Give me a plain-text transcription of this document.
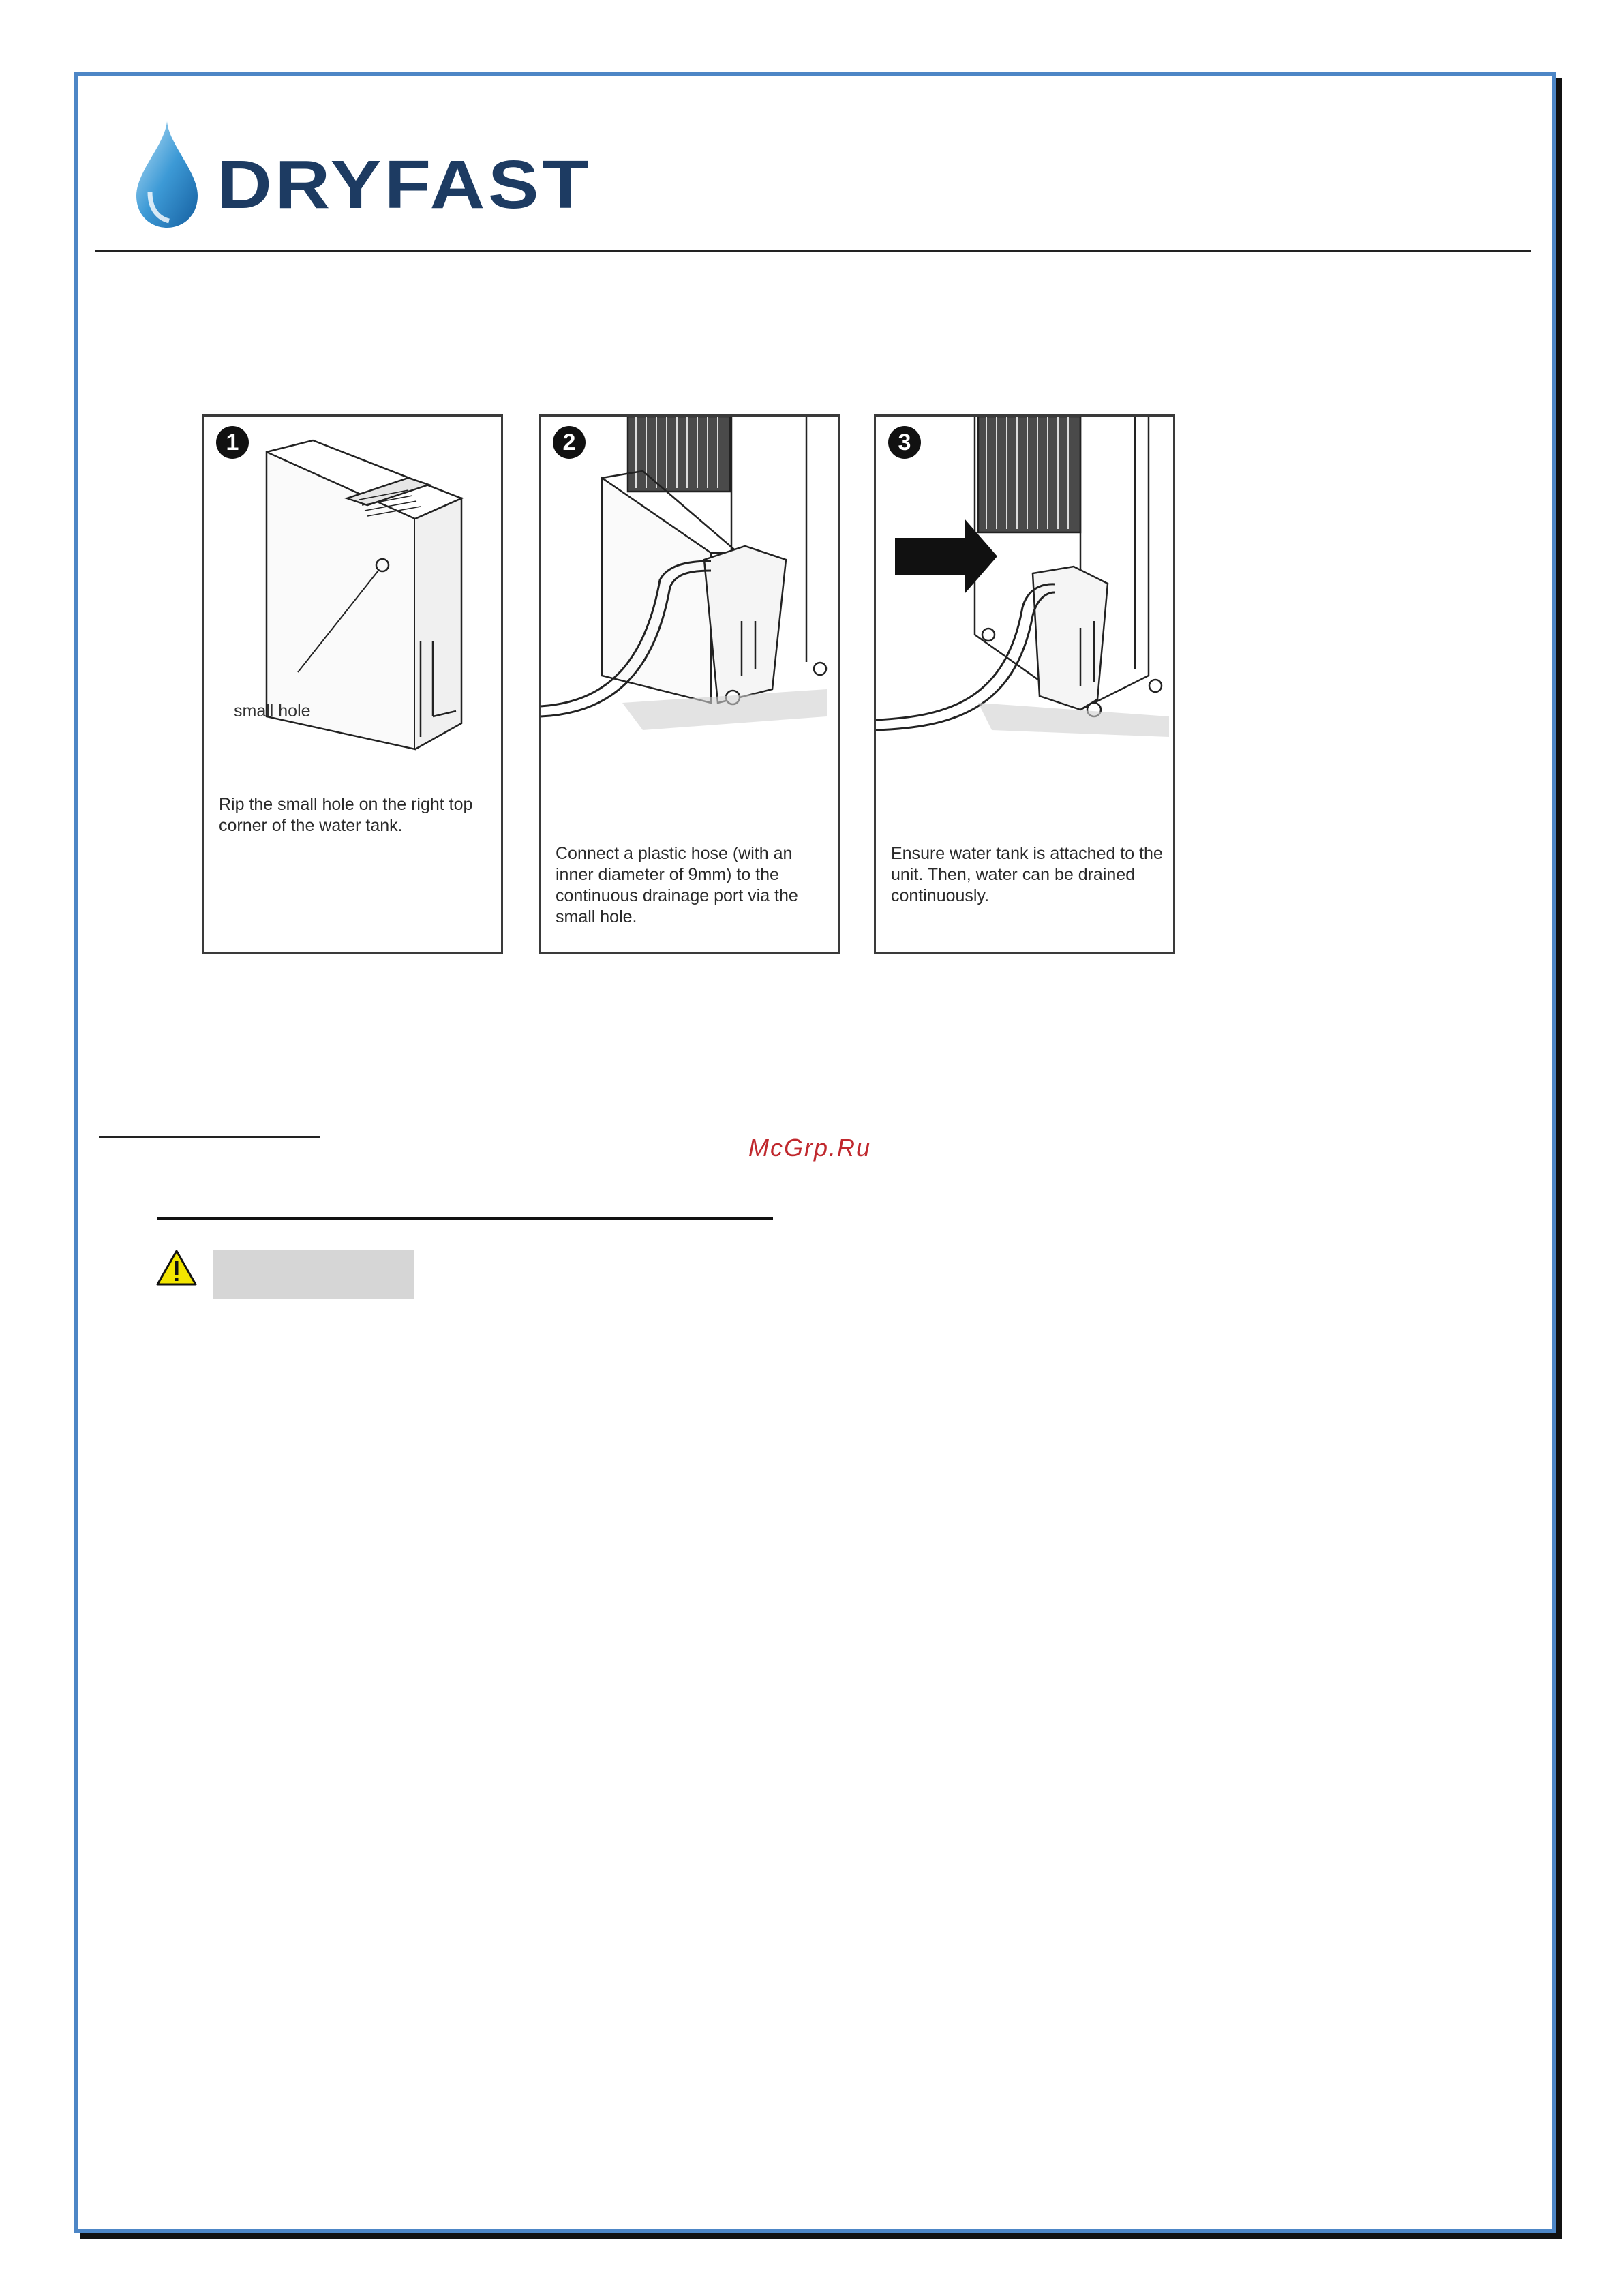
DRYFAST
1
small hole
Rip the small hole on the right top corner of the water tank.
2
Connect a plastic hose (with an inner diameter of 9mm) to the continuous drainage port via the small hole.
3
Ensure water tank is attached to the unit. Then, water can be drained continuously.
McGrp.Ru
